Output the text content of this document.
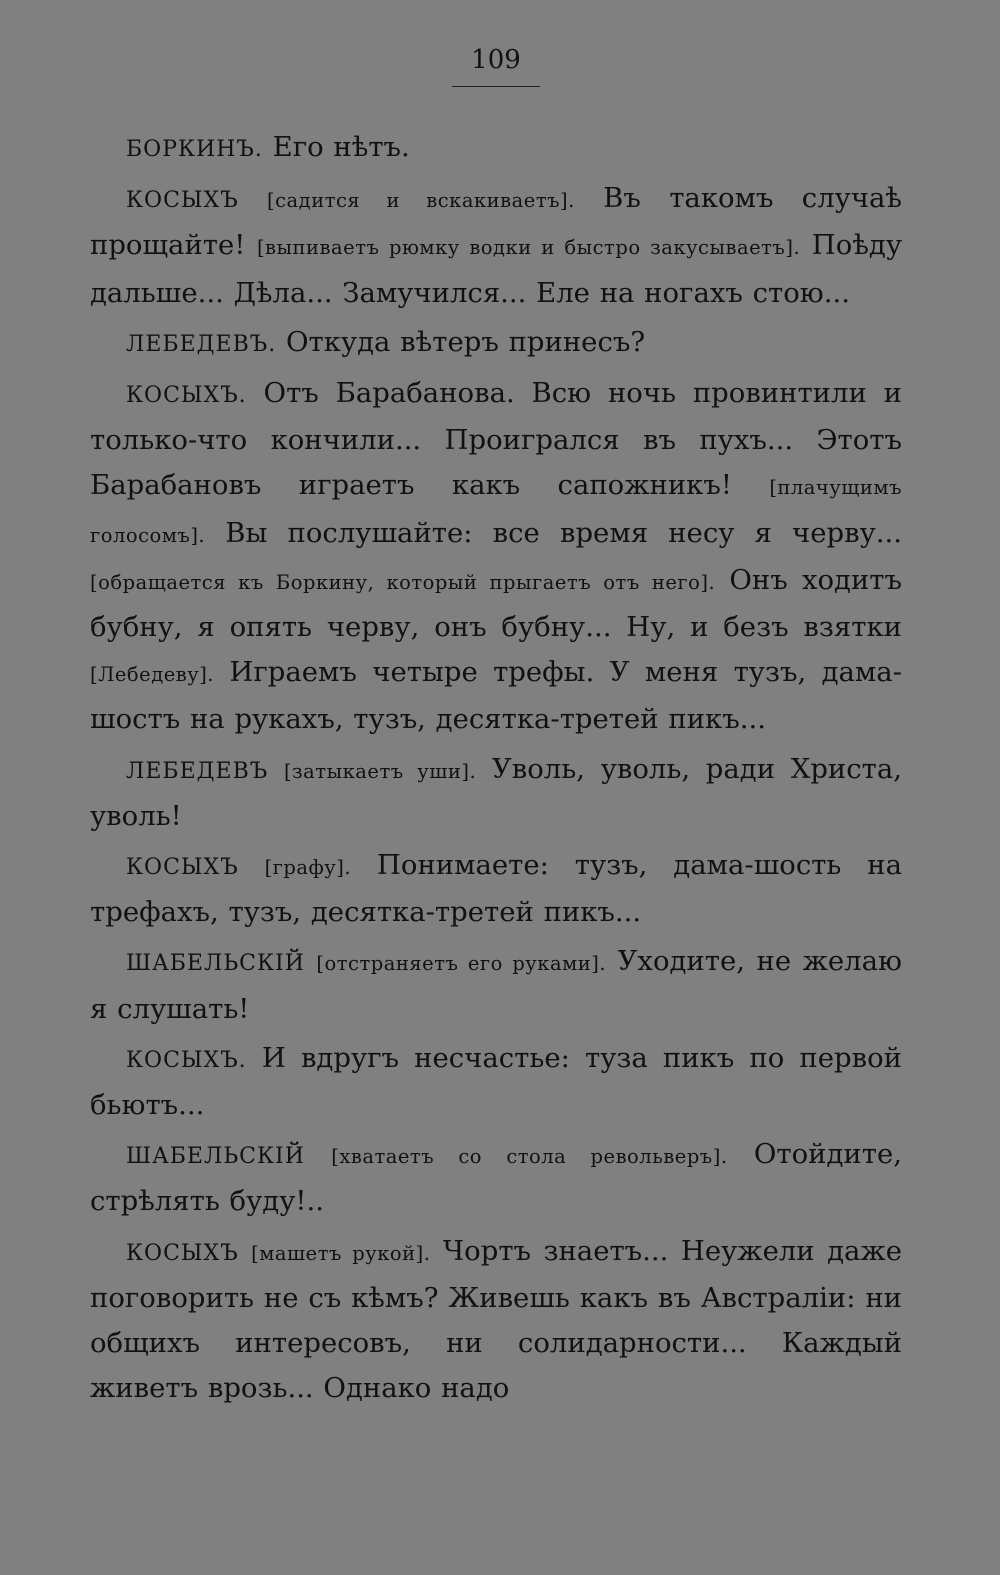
109

БОРКИНЪ. Его нѣтъ.

КОСЫХЪ [садится и вскакиваетъ]. Въ такомъ случаѣ прощайте! [выпиваетъ рюмку водки и быстро закусываетъ]. Поѣду дальше... Дѣла... Замучился... Еле на ногахъ стою...

ЛЕБЕДЕВЪ. Откуда вѣтеръ принесъ?

КОСЫХЪ. Отъ Барабанова. Всю ночь провинтили и только-что кончили... Проигрался въ пухъ... Этотъ Барабановъ играетъ какъ сапожникъ! [плачущимъ голосомъ]. Вы послушайте: все время несу я черву... [обращается къ Боркину, который прыгаетъ отъ него]. Онъ ходитъ бубну, я опять черву, онъ бубну... Ну, и безъ взятки [Лебедеву]. Играемъ четыре трефы. У меня тузъ, дама-шостъ на рукахъ, тузъ, десятка-третей пикъ...

ЛЕБЕДЕВЪ [затыкаетъ уши]. Уволь, уволь, ради Христа, уволь!

КОСЫХЪ [графу]. Понимаете: тузъ, дама-шость на трефахъ, тузъ, десятка-третей пикъ...

ШАБЕЛЬСКІЙ [отстраняетъ его руками]. Уходите, не желаю я слушать!

КОСЫХЪ. И вдругъ несчастье: туза пикъ по первой бьютъ...

ШАБЕЛЬСКІЙ [хватаетъ со стола револьверъ]. Отойдите, стрѣлять буду!..

КОСЫХЪ [машетъ рукой]. Чортъ знаетъ... Неужели даже поговорить не съ кѣмъ? Живешь какъ въ Австраліи: ни общихъ интересовъ, ни солидарности... Каждый живетъ врозь... Однако надо
